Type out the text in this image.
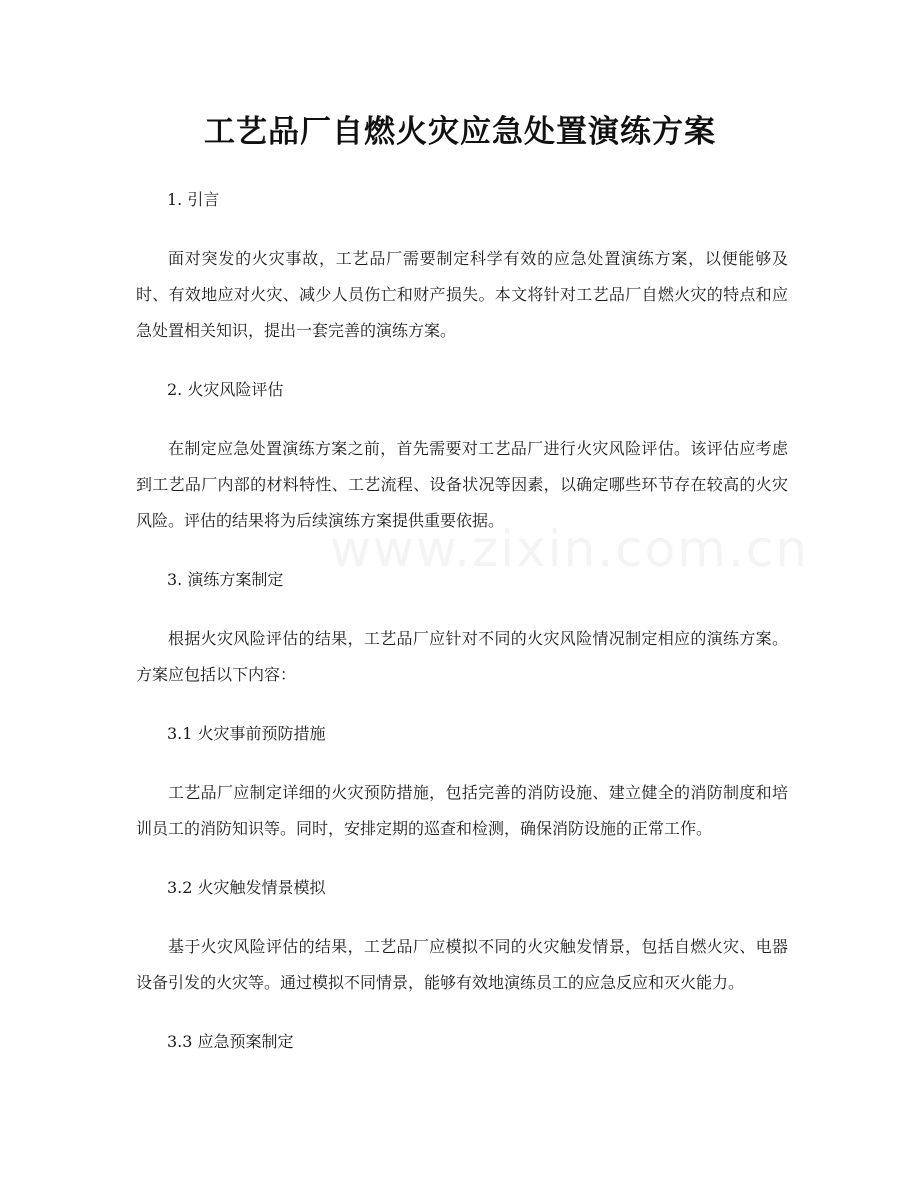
工艺品厂自燃火灾应急处置演练方案

1. 引言

面对突发的火灾事故，工艺品厂需要制定科学有效的应急处置演练方案，以便能够及时、有效地应对火灾、减少人员伤亡和财产损失。本文将针对工艺品厂自燃火灾的特点和应急处置相关知识，提出一套完善的演练方案。

2. 火灾风险评估

在制定应急处置演练方案之前，首先需要对工艺品厂进行火灾风险评估。该评估应考虑到工艺品厂内部的材料特性、工艺流程、设备状况等因素，以确定哪些环节存在较高的火灾风险。评估的结果将为后续演练方案提供重要依据。

3. 演练方案制定

根据火灾风险评估的结果，工艺品厂应针对不同的火灾风险情况制定相应的演练方案。方案应包括以下内容：

3.1 火灾事前预防措施

工艺品厂应制定详细的火灾预防措施，包括完善的消防设施、建立健全的消防制度和培训员工的消防知识等。同时，安排定期的巡查和检测，确保消防设施的正常工作。

3.2 火灾触发情景模拟

基于火灾风险评估的结果，工艺品厂应模拟不同的火灾触发情景，包括自燃火灾、电器设备引发的火灾等。通过模拟不同情景，能够有效地演练员工的应急反应和灭火能力。

3.3 应急预案制定
